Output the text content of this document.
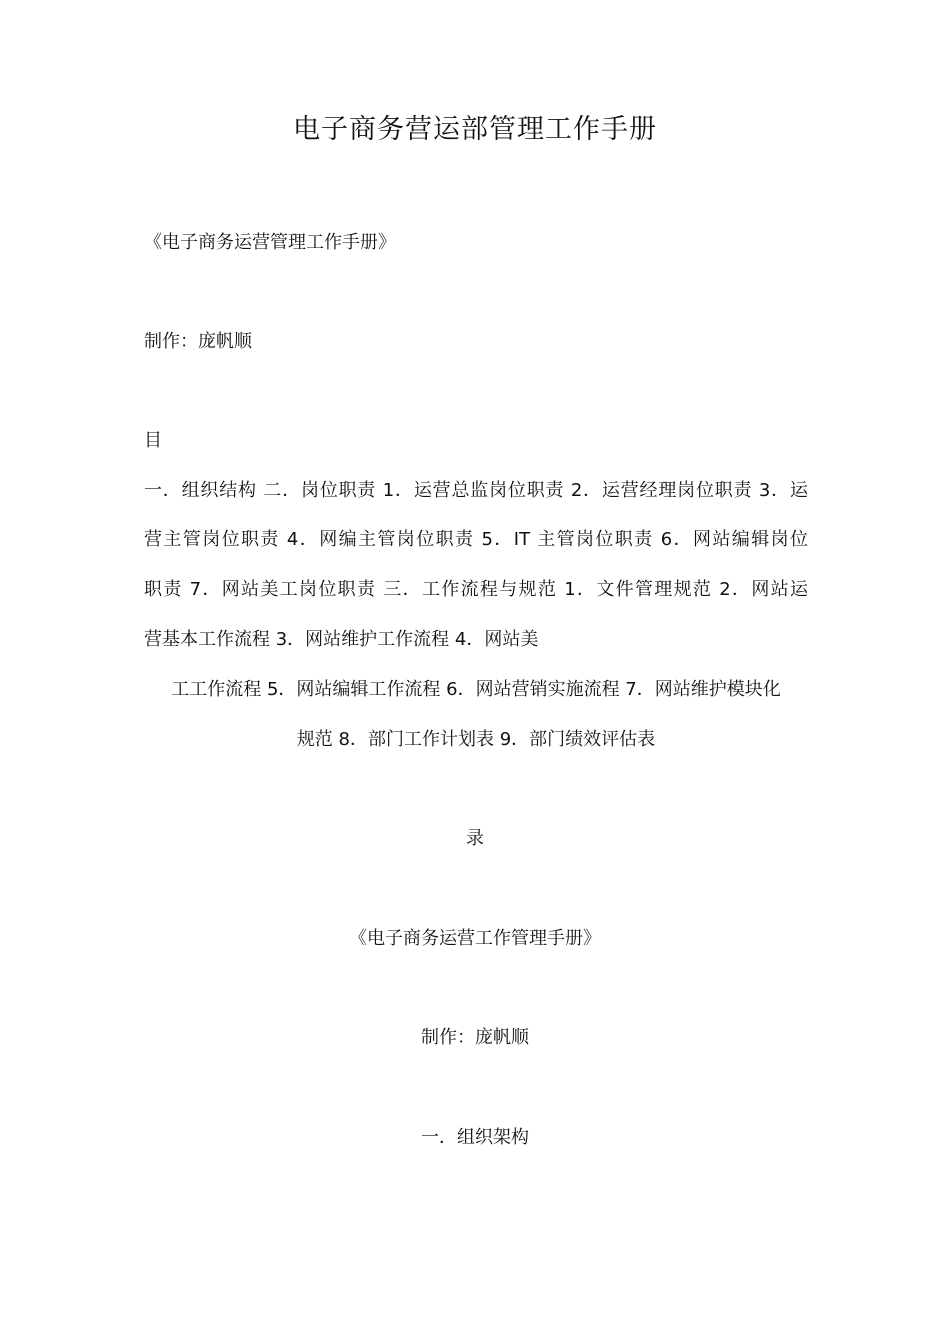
电子商务营运部管理工作手册
《电子商务运营管理工作手册》
制作：庞帆顺
目
一．组织结构 二．岗位职责 1．运营总监岗位职责 2．运营经理岗位职责 3．运
营主管岗位职责 4．网编主管岗位职责 5．IT 主管岗位职责 6．网站编辑岗位
职责 7．网站美工岗位职责 三．工作流程与规范 1．文件管理规范 2．网站运
营基本工作流程 3．网站维护工作流程 4．网站美
工工作流程 5．网站编辑工作流程 6．网站营销实施流程 7．网站维护模块化
规范 8．部门工作计划表 9．部门绩效评估表
录
《电子商务运营工作管理手册》
制作：庞帆顺
一．组织架构
